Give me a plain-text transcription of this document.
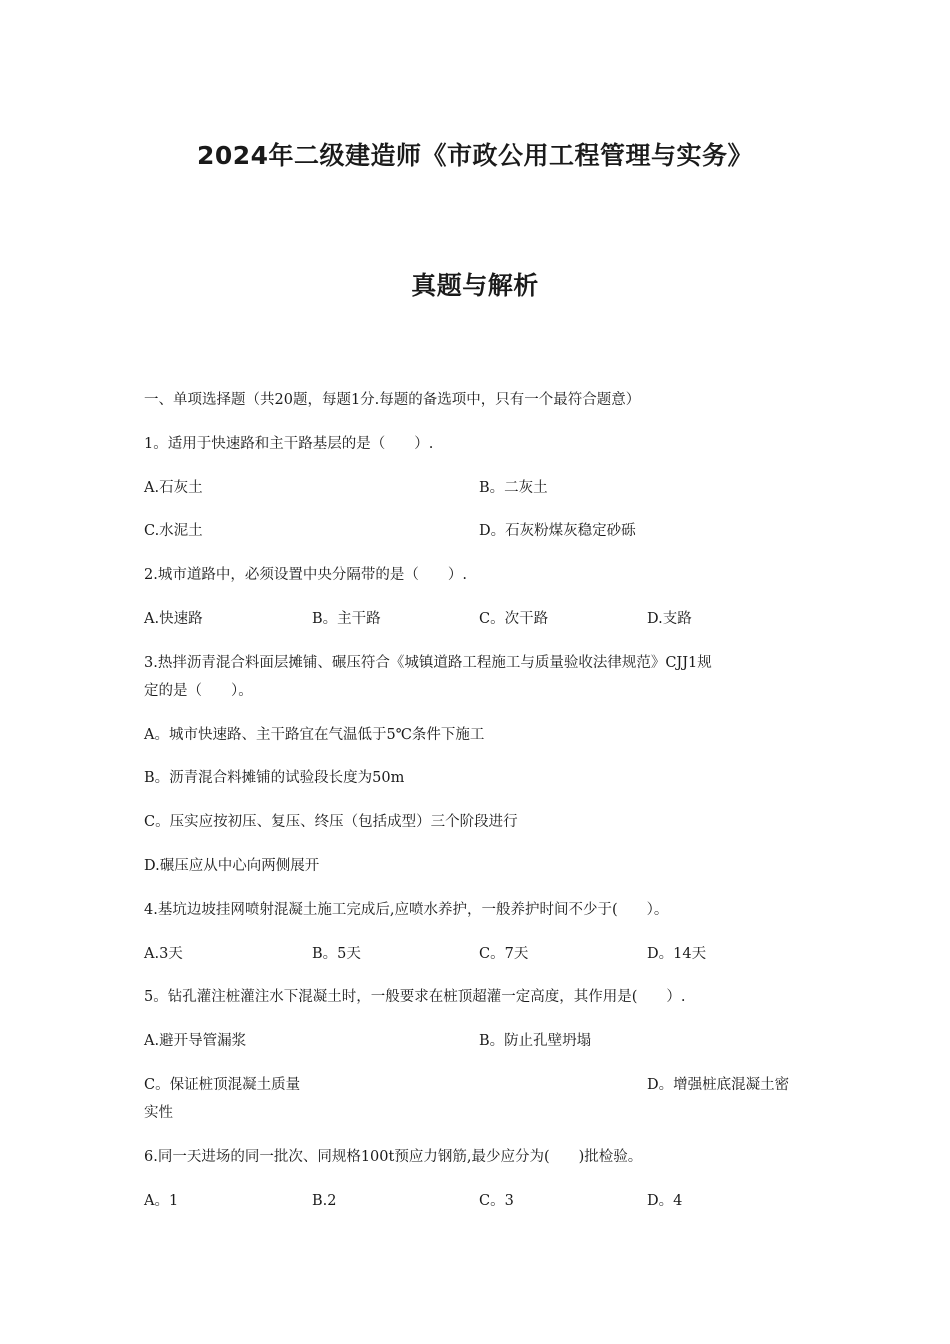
2024年二级建造师《市政公用工程管理与实务》
真题与解析
一、单项选择题（共20题，每题1分.每题的备选项中，只有一个最符合题意）
1。适用于快速路和主干路基层的是（　　）.
A.石灰土	B。二灰土
C.水泥土	D。石灰粉煤灰稳定砂砾
2.城市道路中，必须设置中央分隔带的是（　　）.
A.快速路	B。主干路	C。次干路	D.支路
3.热拌沥青混合料面层摊铺、碾压符合《城镇道路工程施工与质量验收法律规范》CJJ1规
定的是（　　）。
A。城市快速路、主干路宜在气温低于5℃条件下施工
B。沥青混合料摊铺的试验段长度为50m
C。压实应按初压、复压、终压（包括成型）三个阶段进行
D.碾压应从中心向两侧展开
4.基坑边坡挂网喷射混凝土施工完成后,应喷水养护，一般养护时间不少于(　　）。
A.3天	B。5天	C。7天	D。14天
5。钻孔灌注桩灌注水下混凝土时，一般要求在桩顶超灌一定高度，其作用是(　　）.
A.避开导管漏浆	B。防止孔壁坍塌
C。保证桩顶混凝土质量	D。增强桩底混凝土密
实性
6.同一天进场的同一批次、同规格100t预应力钢筋,最少应分为(　　)批检验。
A。1	B.2	C。3	D。4
